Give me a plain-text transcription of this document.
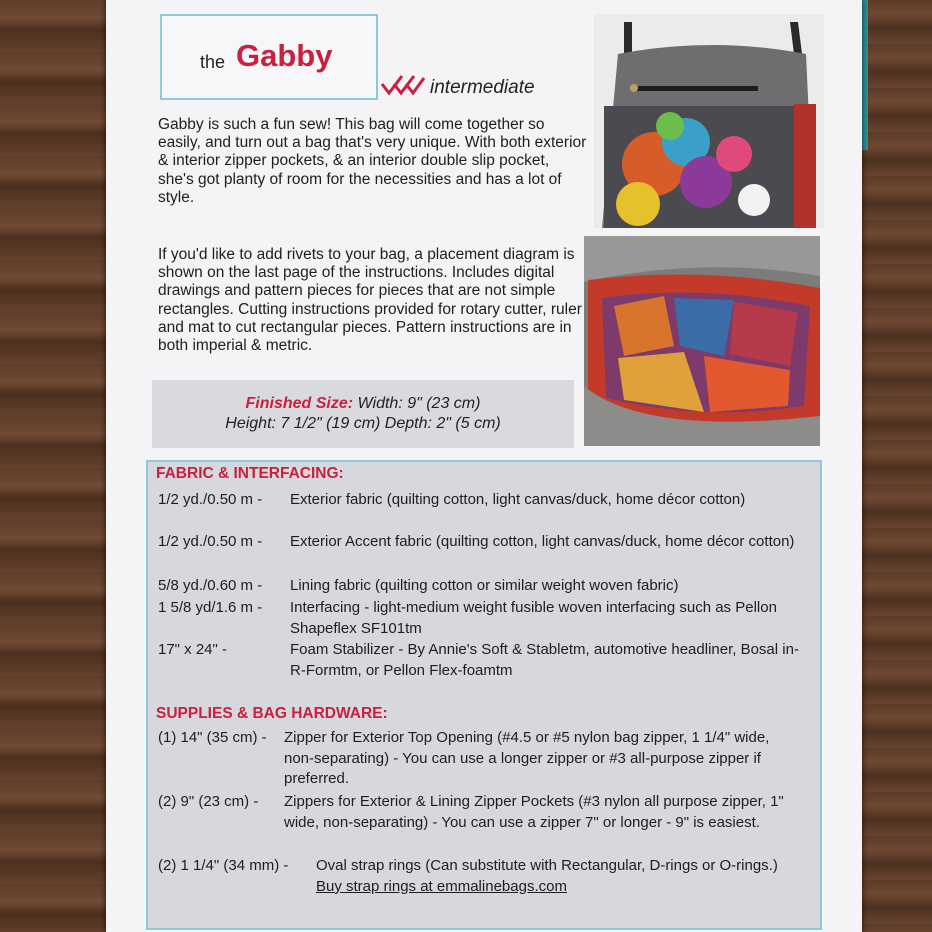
the Gabby
intermediate
Gabby is such a fun sew! This bag will come together so easily, and turn out a bag that's very unique. With both exterior & interior zipper pockets, & an interior double slip pocket, she's got planty of room for the necessities and has a lot of style.
If you'd like to add rivets to your bag, a placement diagram is shown on the last page of the instructions. Includes digital drawings and pattern pieces for pieces that are not simple rectangles. Cutting instructions provided for rotary cutter, ruler and mat to cut rectangular pieces. Pattern instructions are in both imperial & metric.
Finished Size: Width: 9" (23 cm)
Height: 7 1/2" (19 cm) Depth: 2" (5 cm)
FABRIC & INTERFACING:
1/2 yd./0.50 m - Exterior fabric (quilting cotton, light canvas/duck, home décor cotton)
1/2 yd./0.50 m - Exterior Accent fabric (quilting cotton, light canvas/duck, home décor cotton)
5/8 yd./0.60 m - Lining fabric (quilting cotton or similar weight woven fabric)
1 5/8 yd/1.6 m - Interfacing - light-medium weight fusible woven interfacing such as Pellon Shapeflex SF101tm
17" x 24" -	Foam Stabilizer - By Annie's Soft & Stabletm, automotive headliner, Bosal in-R-Formtm, or Pellon Flex-foamtm
SUPPLIES & BAG HARDWARE:
(1) 14" (35 cm) - Zipper for Exterior Top Opening (#4.5 or #5 nylon bag zipper, 1 1/4" wide, non-separating) - You can use a longer zipper or #3 all-purpose zipper if preferred.
(2) 9" (23 cm) - Zippers for Exterior & Lining Zipper Pockets (#3 nylon all purpose zipper, 1" wide, non-separating) - You can use a zipper 7" or longer - 9" is easiest.
(2) 1 1/4" (34 mm) - Oval strap rings (Can substitute with Rectangular, D-rings or O-rings.) Buy strap rings at emmalinebags.com
